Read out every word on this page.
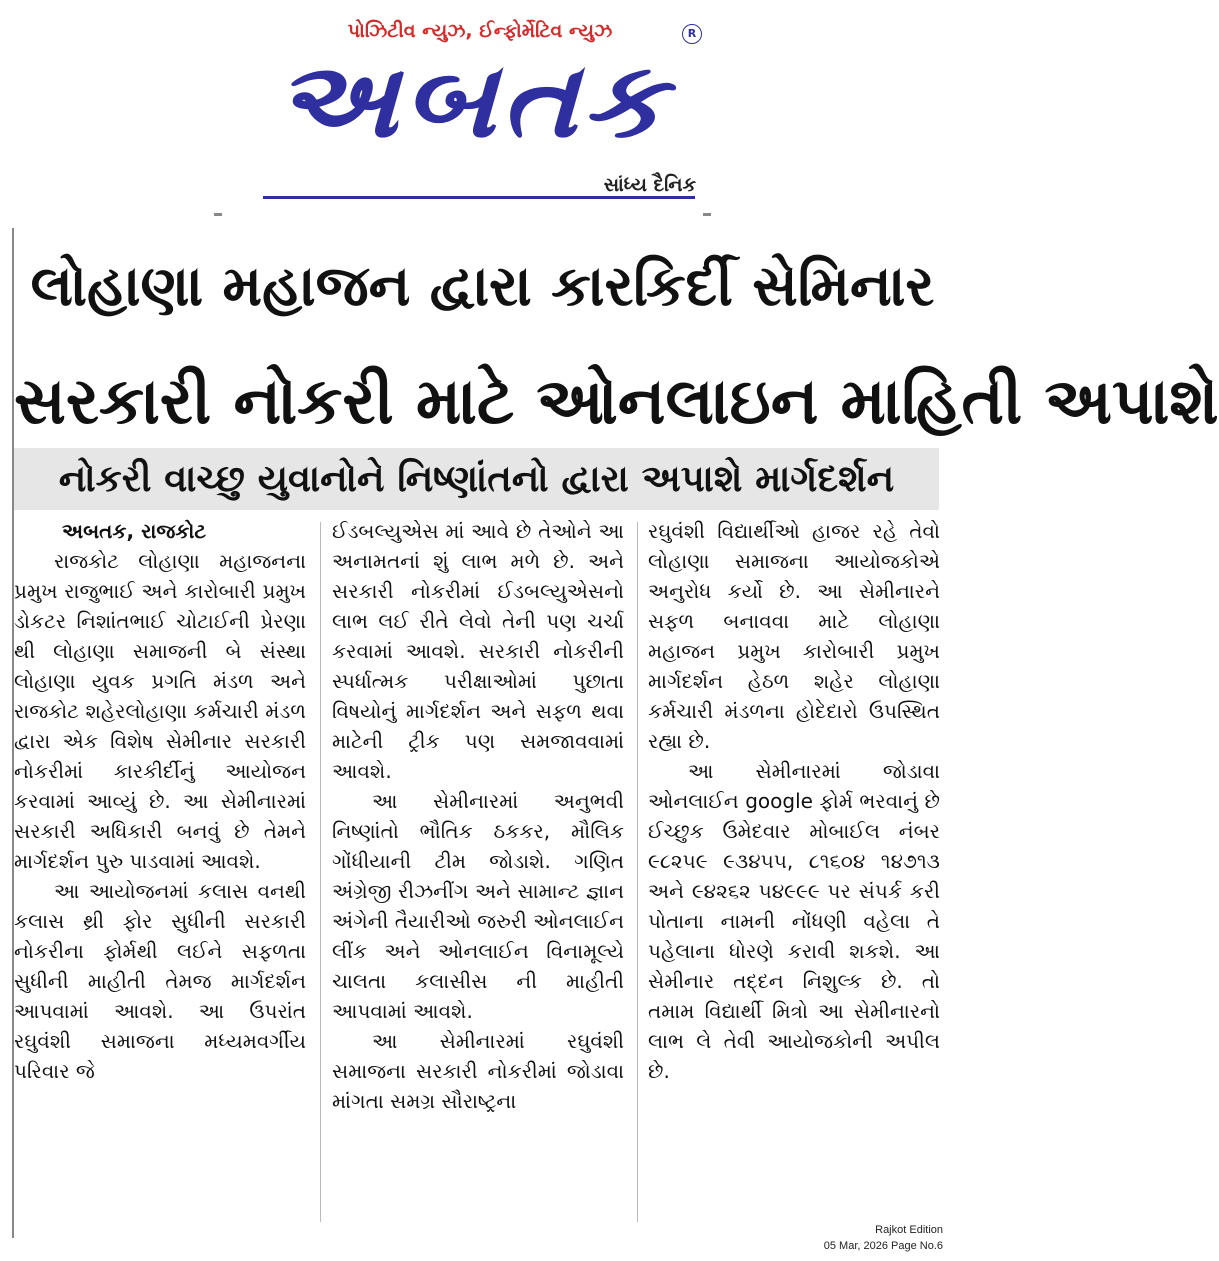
પોઝિટીવ ન્યુઝ, ઈન્ફોર્મેટિવ ન્યુઝ
અબતક
R
સાંધ્ય દૈનિક
લોહાણા મહાજન દ્વારા કારકિર્દી સેમિનાર
સરકારી નોકરી માટે ઓનલાઇન માહિતી અપાશે
નોકરી વાચ્છુ યુવાનોને નિષ્ણાંતનો દ્વારા અપાશે માર્ગદર્શન

અબતક, રાજકોટ

રાજકોટ લોહાણા મહાજનના પ્રમુખ રાજુભાઈ અને કારોબારી પ્રમુખ ડોકટર નિશાંતભાઈ ચોટાઈની પ્રેરણા થી લોહાણા સમાજની બે સંસ્થા લોહાણા યુવક પ્રગતિ મંડળ અને રાજકોટ શહેરલોહાણા કર્મચારી મંડળ દ્વારા એક વિશેષ સેમીનાર સરકારી નોકરીમાં કારકીર્દીનું આયોજન કરવામાં આવ્યું છે. આ સેમીનારમાં સરકારી અધિકારી બનવું છે તેમને માર્ગદર્શન પુરુ પાડવામાં આવશે.

આ આયોજનમાં કલાસ વનથી કલાસ થ્રી ફોર સુધીની સરકારી નોકરીના ફોર્મથી લઈને સફળતા સુધીની માહીતી તેમજ માર્ગદર્શન આપવામાં આવશે. આ ઉપરાંત રઘુવંશી સમાજના મધ્યમવર્ગીય પરિવાર જે

ઈડબલ્યુએસ માં આવે છે તેઓને આ અનામતનાં શું લાભ મળે છે. અને સરકારી નોકરીમાં ઈડબલ્યુએસનો લાભ લઈ રીતે લેવો તેની પણ ચર્ચા કરવામાં આવશે. સરકારી નોકરીની સ્પર્ધાત્મક પરીક્ષાઓમાં પુછાતા વિષયોનું માર્ગદર્શન અને સફળ થવા માટેની ટ્રીક પણ સમજાવવામાં આવશે.

આ સેમીનારમાં અનુભવી નિષ્ણાંતો ભૌતિક ઠકકર, મૌલિક ગોંધીયાની ટીમ જોડાશે. ગણિત અંગ્રેજી રીઝનીંગ અને સામાન્ટ જ્ઞાન અંગેની તૈયારીઓ જરુરી ઓનલાઈન લીંક અને ઓનલાઈન વિનામૂલ્યે ચાલતા કલાસીસ ની માહીતી આપવામાં આવશે.

આ સેમીનારમાં રઘુવંશી સમાજના સરકારી નોકરીમાં જોડાવા માંગતા સમગ્ર સૌરાષ્ટ્રના

રઘુવંશી વિદ્યાર્થીઓ હાજર રહે તેવો લોહાણા સમાજના આયોજકોએ અનુરોધ કર્યો છે. આ સેમીનારને સફળ બનાવવા માટે લોહાણા મહાજન પ્રમુખ કારોબારી પ્રમુખ માર્ગદર્શન હેઠળ શહેર લોહાણા કર્મચારી મંડળના હોદેદારો ઉપસ્થિત રહ્યા છે.

આ સેમીનારમાં જોડાવા ઓનલાઈન google ફોર્મ ભરવાનું છે ઈચ્છુક ઉમેદવાર મોબાઈલ નંબર ૯૮૨૫૯ ૯૩૪૫૫, ૮૧૬૦૪ ૧૪૭૧૩ અને ૯૪૨૬૨ ૫૪૯૯૯ પર સંપર્ક કરી પોતાના નામની નોંધણી વહેલા તે પહેલાના ધોરણે કરાવી શકશે. આ સેમીનાર તદ્દન નિશુલ્ક છે. તો તમામ વિદ્યાર્થી મિત્રો આ સેમીનારનો લાભ લે તેવી આયોજકોની અપીલ છે.

Rajkot Edition
05 Mar, 2026 Page No.6
